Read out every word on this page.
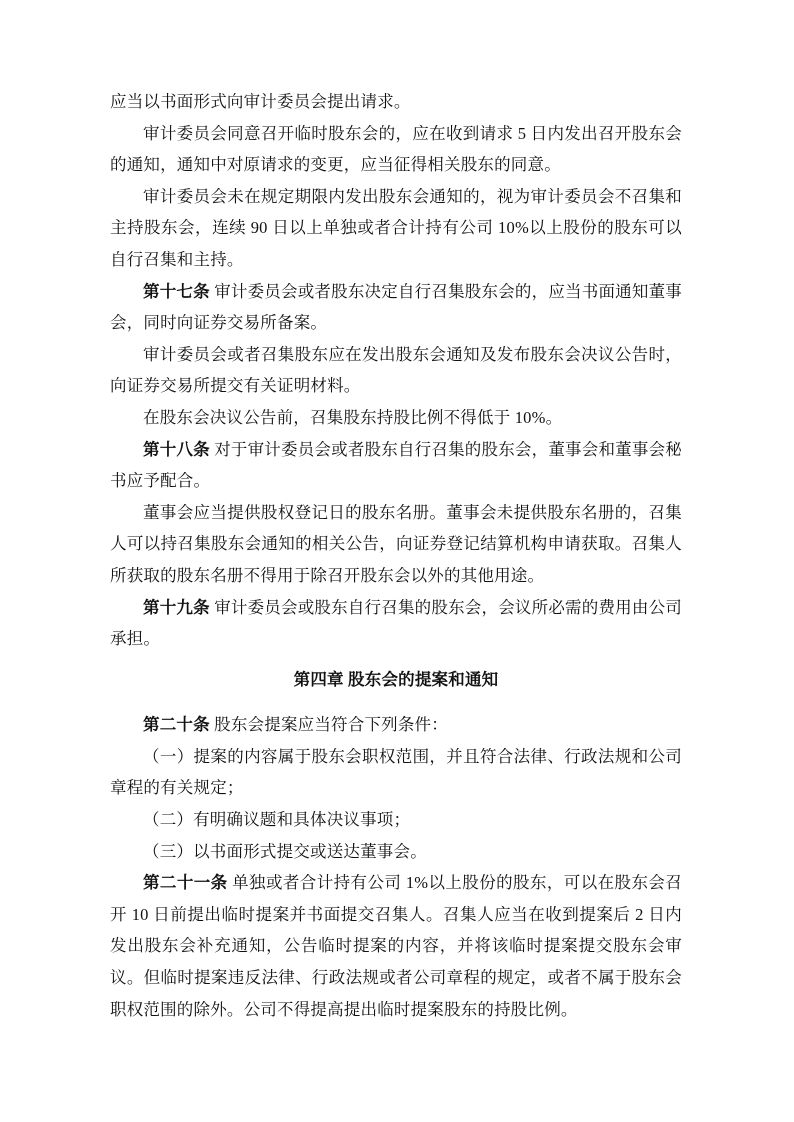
应当以书面形式向审计委员会提出请求。

审计委员会同意召开临时股东会的，应在收到请求 5 日内发出召开股东会的通知，通知中对原请求的变更，应当征得相关股东的同意。

审计委员会未在规定期限内发出股东会通知的，视为审计委员会不召集和主持股东会，连续 90 日以上单独或者合计持有公司 10%以上股份的股东可以自行召集和主持。

第十七条 审计委员会或者股东决定自行召集股东会的，应当书面通知董事会，同时向证券交易所备案。

审计委员会或者召集股东应在发出股东会通知及发布股东会决议公告时，向证券交易所提交有关证明材料。

在股东会决议公告前，召集股东持股比例不得低于 10%。

第十八条 对于审计委员会或者股东自行召集的股东会，董事会和董事会秘书应予配合。

董事会应当提供股权登记日的股东名册。董事会未提供股东名册的，召集人可以持召集股东会通知的相关公告，向证券登记结算机构申请获取。召集人所获取的股东名册不得用于除召开股东会以外的其他用途。

第十九条 审计委员会或股东自行召集的股东会，会议所必需的费用由公司承担。

第四章 股东会的提案和通知

第二十条 股东会提案应当符合下列条件：

（一）提案的内容属于股东会职权范围，并且符合法律、行政法规和公司章程的有关规定；

（二）有明确议题和具体决议事项；

（三）以书面形式提交或送达董事会。

第二十一条 单独或者合计持有公司 1%以上股份的股东，可以在股东会召开 10 日前提出临时提案并书面提交召集人。召集人应当在收到提案后 2 日内发出股东会补充通知，公告临时提案的内容，并将该临时提案提交股东会审议。但临时提案违反法律、行政法规或者公司章程的规定，或者不属于股东会职权范围的除外。公司不得提高提出临时提案股东的持股比例。
